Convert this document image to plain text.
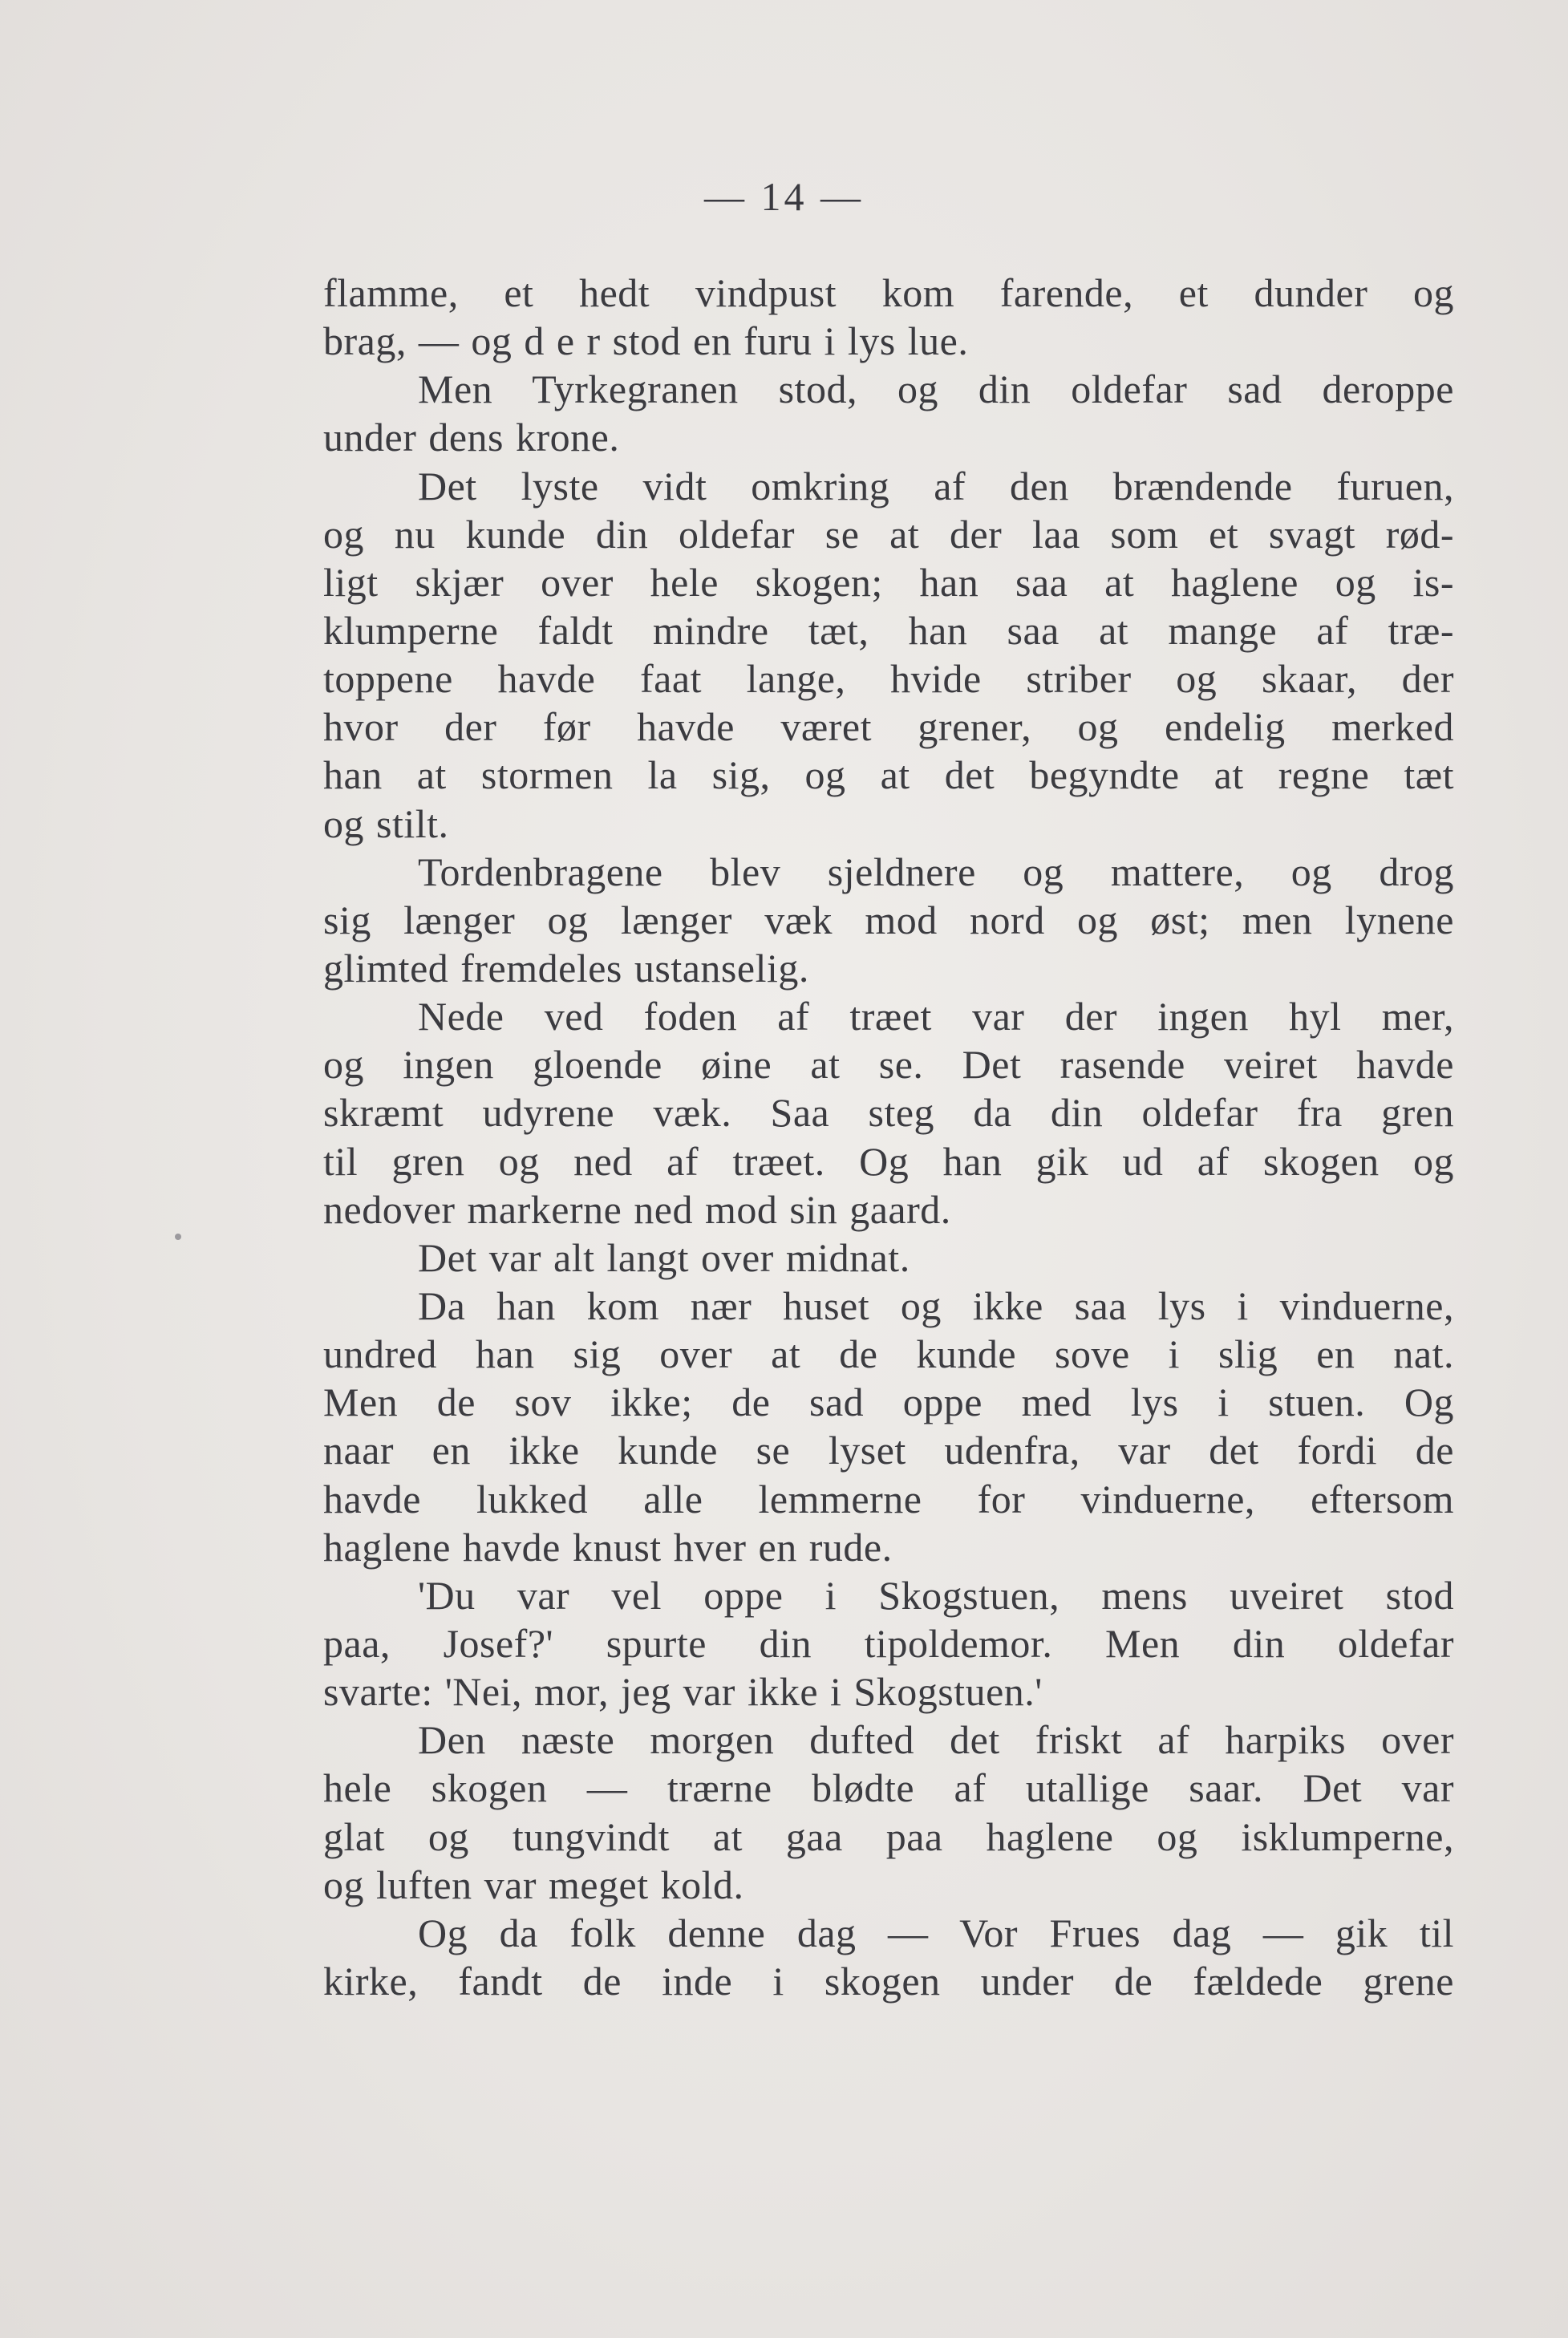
— 14 —
flamme, et hedt vindpust kom farende, et dunder og
brag, — og d e r stod en furu i lys lue.
Men Tyrkegranen stod, og din oldefar sad deroppe
under dens krone.
Det lyste vidt omkring af den brændende furuen,
og nu kunde din oldefar se at der laa som et svagt rød-
ligt skjær over hele skogen; han saa at haglene og is-
klumperne faldt mindre tæt, han saa at mange af træ-
toppene havde faat lange, hvide striber og skaar, der
hvor der før havde været grener, og endelig merked
han at stormen la sig, og at det begyndte at regne tæt
og stilt.
Tordenbragene blev sjeldnere og mattere, og drog
sig længer og længer væk mod nord og øst; men lynene
glimted fremdeles ustanselig.
Nede ved foden af træet var der ingen hyl mer,
og ingen gloende øine at se. Det rasende veiret havde
skræmt udyrene væk. Saa steg da din oldefar fra gren
til gren og ned af træet. Og han gik ud af skogen og
nedover markerne ned mod sin gaard.
Det var alt langt over midnat.
Da han kom nær huset og ikke saa lys i vinduerne,
undred han sig over at de kunde sove i slig en nat.
Men de sov ikke; de sad oppe med lys i stuen. Og
naar en ikke kunde se lyset udenfra, var det fordi de
havde lukked alle lemmerne for vinduerne, eftersom
haglene havde knust hver en rude.
'Du var vel oppe i Skogstuen, mens uveiret stod
paa, Josef?' spurte din tipoldemor. Men din oldefar
svarte: 'Nei, mor, jeg var ikke i Skogstuen.'
Den næste morgen dufted det friskt af harpiks over
hele skogen — trærne blødte af utallige saar. Det var
glat og tungvindt at gaa paa haglene og isklumperne,
og luften var meget kold.
Og da folk denne dag — Vor Frues dag — gik til
kirke, fandt de inde i skogen under de fældede grene
